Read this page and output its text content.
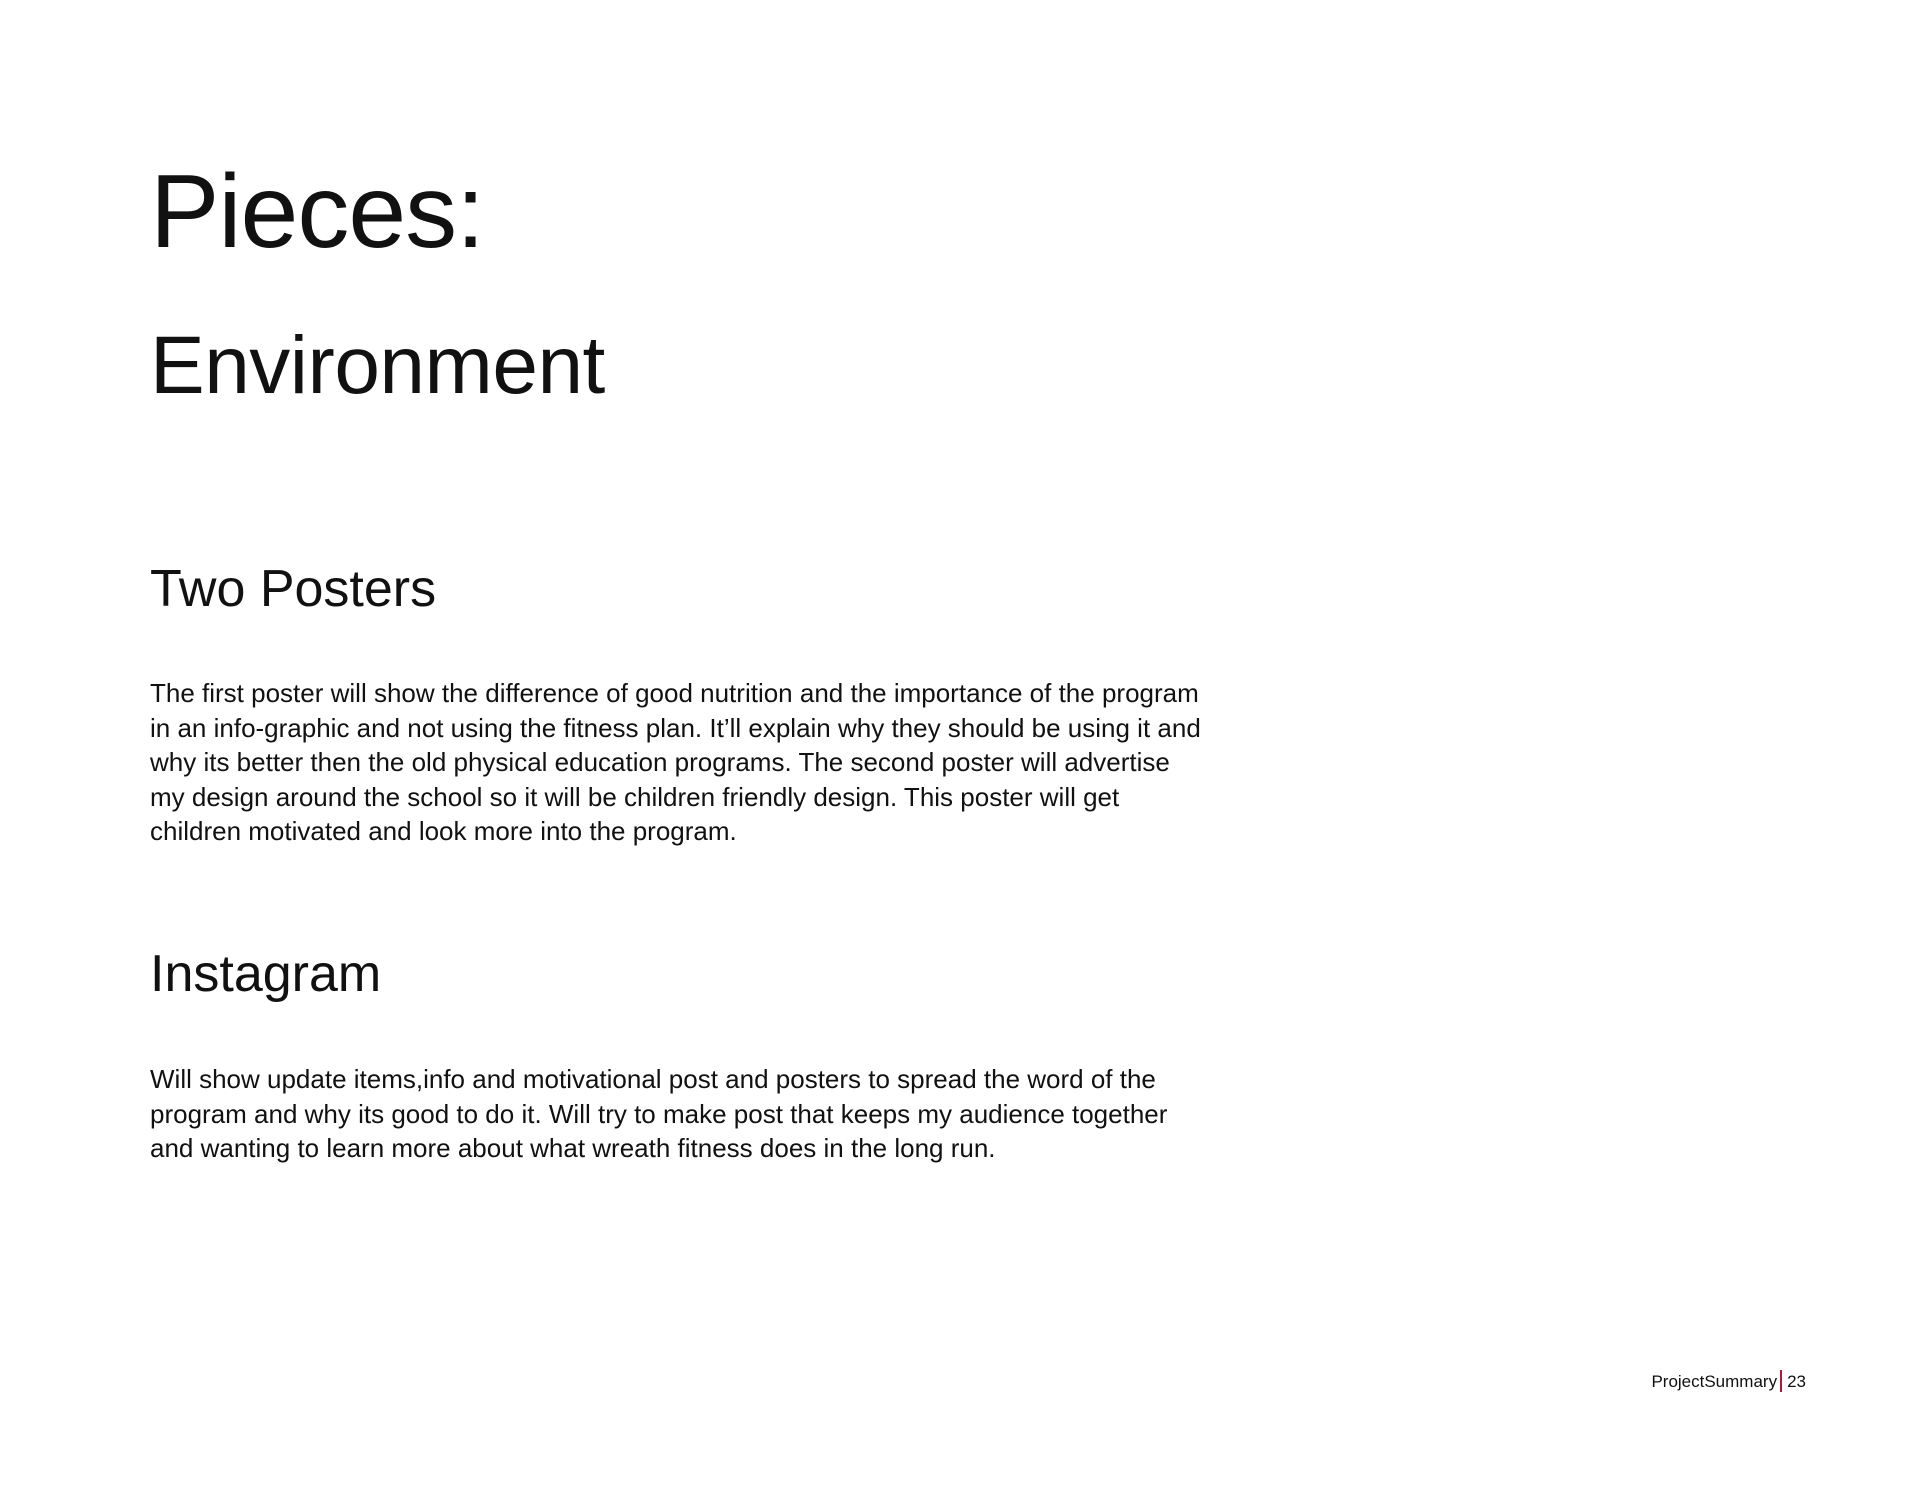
Pieces:
Environment
Two Posters

The first poster will show the difference of good nutrition and the importance of the program in an info-graphic and not using the fitness plan. It’ll explain why they should be using it and why its better then the old physical education programs. The second poster will advertise my design around the school so it will be children friendly design. This poster will get children motivated and look more into the program.

Instagram

Will show update items,info and motivational post and posters to spread the word of the program and why its good to do it. Will try to make post that keeps my audience together and wanting to learn more about what wreath fitness does in the long run.

ProjectSummary 23
